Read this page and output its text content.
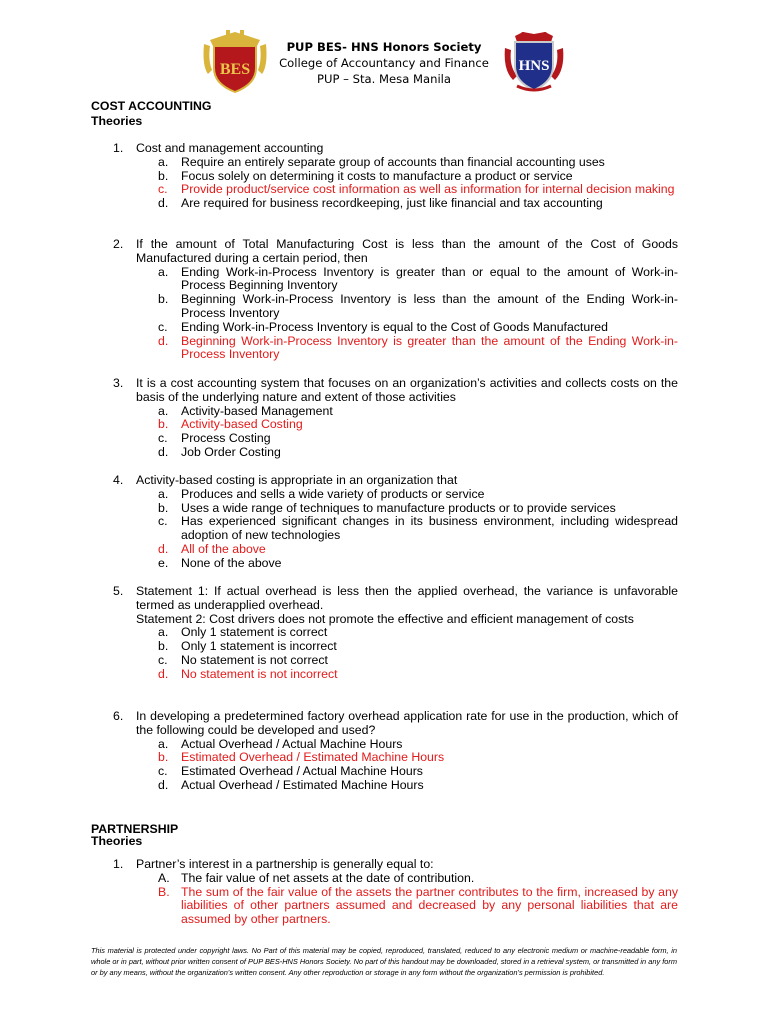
BES
PUP BES- HNS Honors Society
College of Accountancy and Finance
PUP – Sta. Mesa Manila
HNS
COST ACCOUNTING
Theories
1. Cost and management accounting
a. Require an entirely separate group of accounts than financial accounting uses
b. Focus solely on determining it costs to manufacture a product or service
c. Provide product/service cost information as well as information for internal decision making
d. Are required for business recordkeeping, just like financial and tax accounting
2. If the amount of Total Manufacturing Cost is less than the amount of the Cost of Goods Manufactured during a certain period, then
a. Ending Work-in-Process Inventory is greater than or equal to the amount of Work-in-Process Beginning Inventory
b. Beginning Work-in-Process Inventory is less than the amount of the Ending Work-in-Process Inventory
c. Ending Work-in-Process Inventory is equal to the Cost of Goods Manufactured
d. Beginning Work-in-Process Inventory is greater than the amount of the Ending Work-in-Process Inventory
3. It is a cost accounting system that focuses on an organization’s activities and collects costs on the basis of the underlying nature and extent of those activities
a. Activity-based Management
b. Activity-based Costing
c. Process Costing
d. Job Order Costing
4. Activity-based costing is appropriate in an organization that
a. Produces and sells a wide variety of products or service
b. Uses a wide range of techniques to manufacture products or to provide services
c. Has experienced significant changes in its business environment, including widespread adoption of new technologies
d. All of the above
e. None of the above
5. Statement 1: If actual overhead is less then the applied overhead, the variance is unfavorable termed as underapplied overhead.
Statement 2: Cost drivers does not promote the effective and efficient management of costs
a. Only 1 statement is correct
b. Only 1 statement is incorrect
c. No statement is not correct
d. No statement is not incorrect
6. In developing a predetermined factory overhead application rate for use in the production, which of the following could be developed and used?
a. Actual Overhead / Actual Machine Hours
b. Estimated Overhead / Estimated Machine Hours
c. Estimated Overhead / Actual Machine Hours
d. Actual Overhead / Estimated Machine Hours
PARTNERSHIP
Theories
1. Partner’s interest in a partnership is generally equal to:
A. The fair value of net assets at the date of contribution.
B. The sum of the fair value of the assets the partner contributes to the firm, increased by any liabilities of other partners assumed and decreased by any personal liabilities that are assumed by other partners.
This material is protected under copyright laws. No Part of this material may be copied, reproduced, translated, reduced to any electronic medium or machine-readable form, in whole or in part, without prior written consent of PUP BES-HNS Honors Society. No part of this handout may be downloaded, stored in a retrieval system, or transmitted in any form or by any means, without the organization’s written consent. Any other reproduction or storage in any form without the organization’s permission is prohibited.
